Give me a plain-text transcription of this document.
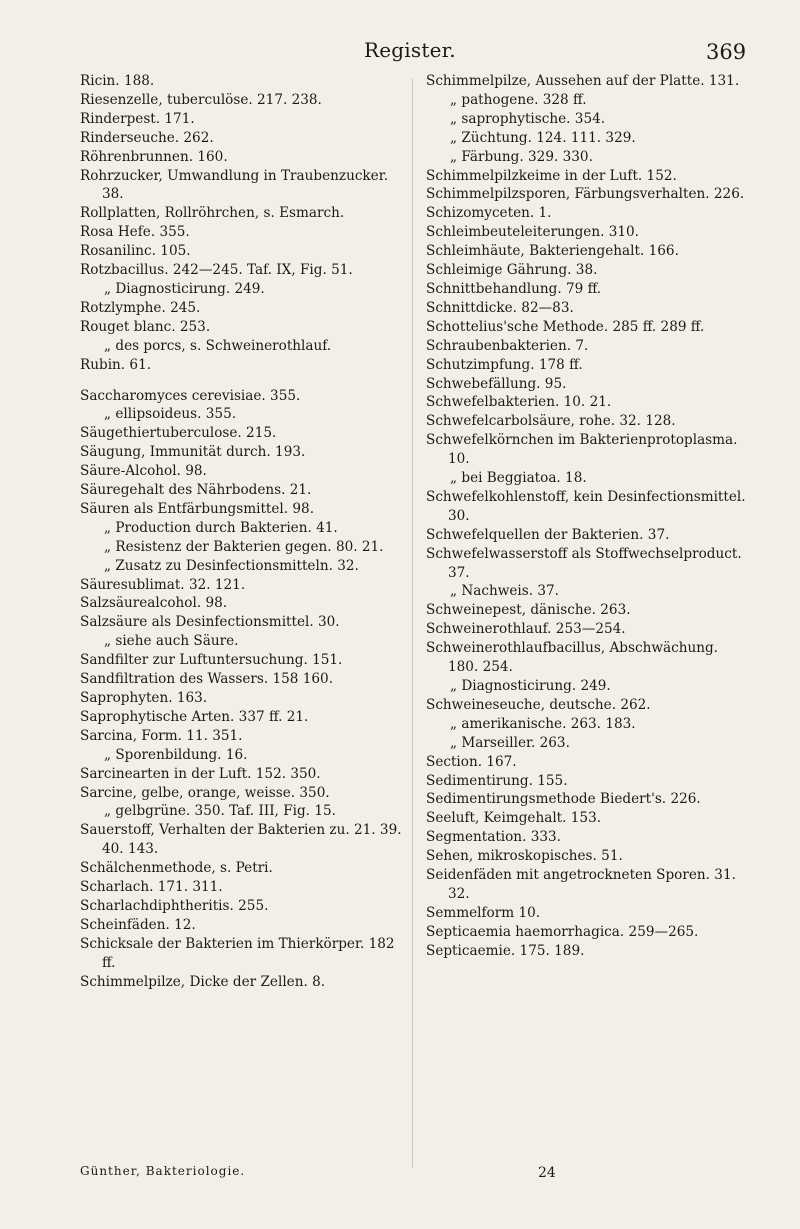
Register.	369
Ricin. 188.
Riesenzelle, tuberculöse. 217. 238.
Rinderpest. 171.
Rinderseuche. 262.
Röhrenbrunnen. 160.
Rohrzucker, Umwandlung in Traubenzucker. 38.
Rollplatten, Rollröhrchen, s. Esmarch.
Rosa Hefe. 355.
Rosanilinc. 105.
Rotzbacillus. 242—245. Taf. IX, Fig. 51.
„ Diagnosticirung. 249.
Rotzlymphe. 245.
Rouget blanc. 253.
„ des porcs, s. Schweinerothlauf.
Rubin. 61.
Saccharomyces cerevisiae. 355.
„ ellipsoideus. 355.
Säugethiertuberculose. 215.
Säugung, Immunität durch. 193.
Säure-Alcohol. 98.
Säuregehalt des Nährbodens. 21.
Säuren als Entfärbungsmittel. 98.
„ Production durch Bakterien. 41.
„ Resistenz der Bakterien gegen. 80. 21.
„ Zusatz zu Desinfectionsmitteln. 32.
Säuresublimat. 32. 121.
Salzsäurealcohol. 98.
Salzsäure als Desinfectionsmittel. 30.
„ siehe auch Säure.
Sandfilter zur Luftuntersuchung. 151.
Sandfiltration des Wassers. 158 160.
Saprophyten. 163.
Saprophytische Arten. 337 ff. 21.
Sarcina, Form. 11. 351.
„ Sporenbildung. 16.
Sarcinearten in der Luft. 152. 350.
Sarcine, gelbe, orange, weisse. 350.
„ gelbgrüne. 350. Taf. III, Fig. 15.
Sauerstoff, Verhalten der Bakterien zu. 21. 39. 40. 143.
Schälchenmethode, s. Petri.
Scharlach. 171. 311.
Scharlachdiphtheritis. 255.
Scheinfäden. 12.
Schicksale der Bakterien im Thierkörper. 182 ff.
Schimmelpilze, Dicke der Zellen. 8.
Schimmelpilze, Aussehen auf der Platte. 131.
„ pathogene. 328 ff.
„ saprophytische. 354.
„ Züchtung. 124. 111. 329.
„ Färbung. 329. 330.
Schimmelpilzkeime in der Luft. 152.
Schimmelpilzsporen, Färbungsverhalten. 226.
Schizomyceten. 1.
Schleimbeuteleiterungen. 310.
Schleimhäute, Bakteriengehalt. 166.
Schleimige Gährung. 38.
Schnittbehandlung. 79 ff.
Schnittdicke. 82—83.
Schottelius'sche Methode. 285 ff. 289 ff.
Schraubenbakterien. 7.
Schutzimpfung. 178 ff.
Schwebefällung. 95.
Schwefelbakterien. 10. 21.
Schwefelcarbolsäure, rohe. 32. 128.
Schwefelkörnchen im Bakterienprotoplasma. 10.
„ bei Beggiatoa. 18.
Schwefelkohlenstoff, kein Desinfectionsmittel. 30.
Schwefelquellen der Bakterien. 37.
Schwefelwasserstoff als Stoffwechselproduct. 37.
„ Nachweis. 37.
Schweinepest, dänische. 263.
Schweinerothlauf. 253—254.
Schweinerothlaufbacillus, Abschwächung. 180. 254.
„ Diagnosticirung. 249.
Schweineseuche, deutsche. 262.
„ amerikanische. 263. 183.
„ Marseiller. 263.
Section. 167.
Sedimentirung. 155.
Sedimentirungsmethode Biedert's. 226.
Seeluft, Keimgehalt. 153.
Segmentation. 333.
Sehen, mikroskopisches. 51.
Seidenfäden mit angetrockneten Sporen. 31. 32.
Semmelform 10.
Septicaemia haemorrhagica. 259—265.
Septicaemie. 175. 189.
Günther, Bakteriologie.	24
